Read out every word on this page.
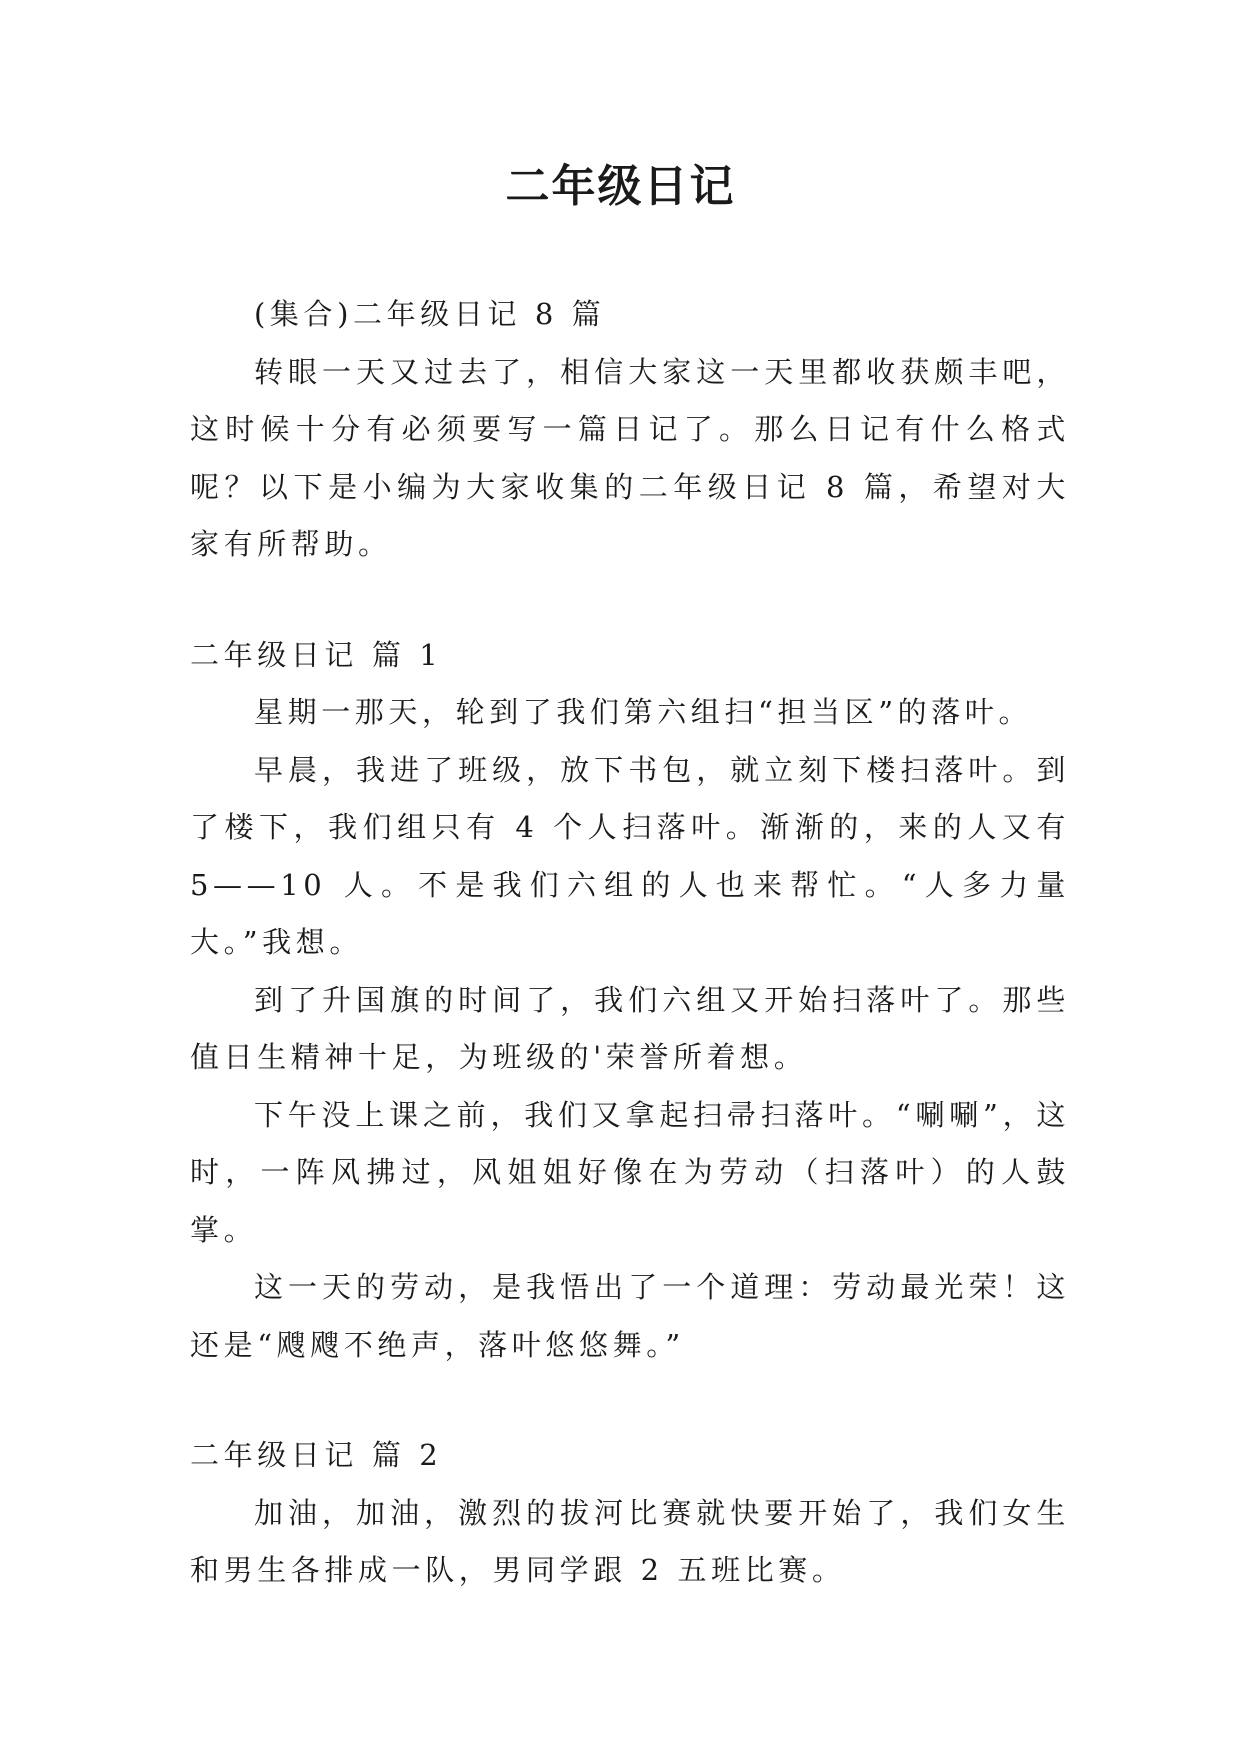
二年级日记

(集合)二年级日记 8 篇

转眼一天又过去了，相信大家这一天里都收获颇丰吧，这时候十分有必须要写一篇日记了。那么日记有什么格式呢？以下是小编为大家收集的二年级日记 8 篇，希望对大家有所帮助。

二年级日记 篇 1

星期一那天，轮到了我们第六组扫“担当区”的落叶。

早晨，我进了班级，放下书包，就立刻下楼扫落叶。到了楼下，我们组只有 4 个人扫落叶。渐渐的，来的人又有 5——10 人。不是我们六组的人也来帮忙。“人多力量大。”我想。

到了升国旗的时间了，我们六组又开始扫落叶了。那些值日生精神十足，为班级的'荣誉所着想。

下午没上课之前，我们又拿起扫帚扫落叶。“唰唰”，这时，一阵风拂过，风姐姐好像在为劳动（扫落叶）的人鼓掌。

这一天的劳动，是我悟出了一个道理：劳动最光荣！这还是“飕飕不绝声，落叶悠悠舞。”

二年级日记 篇 2

加油，加油，激烈的拔河比赛就快要开始了，我们女生和男生各排成一队，男同学跟 2 五班比赛。
